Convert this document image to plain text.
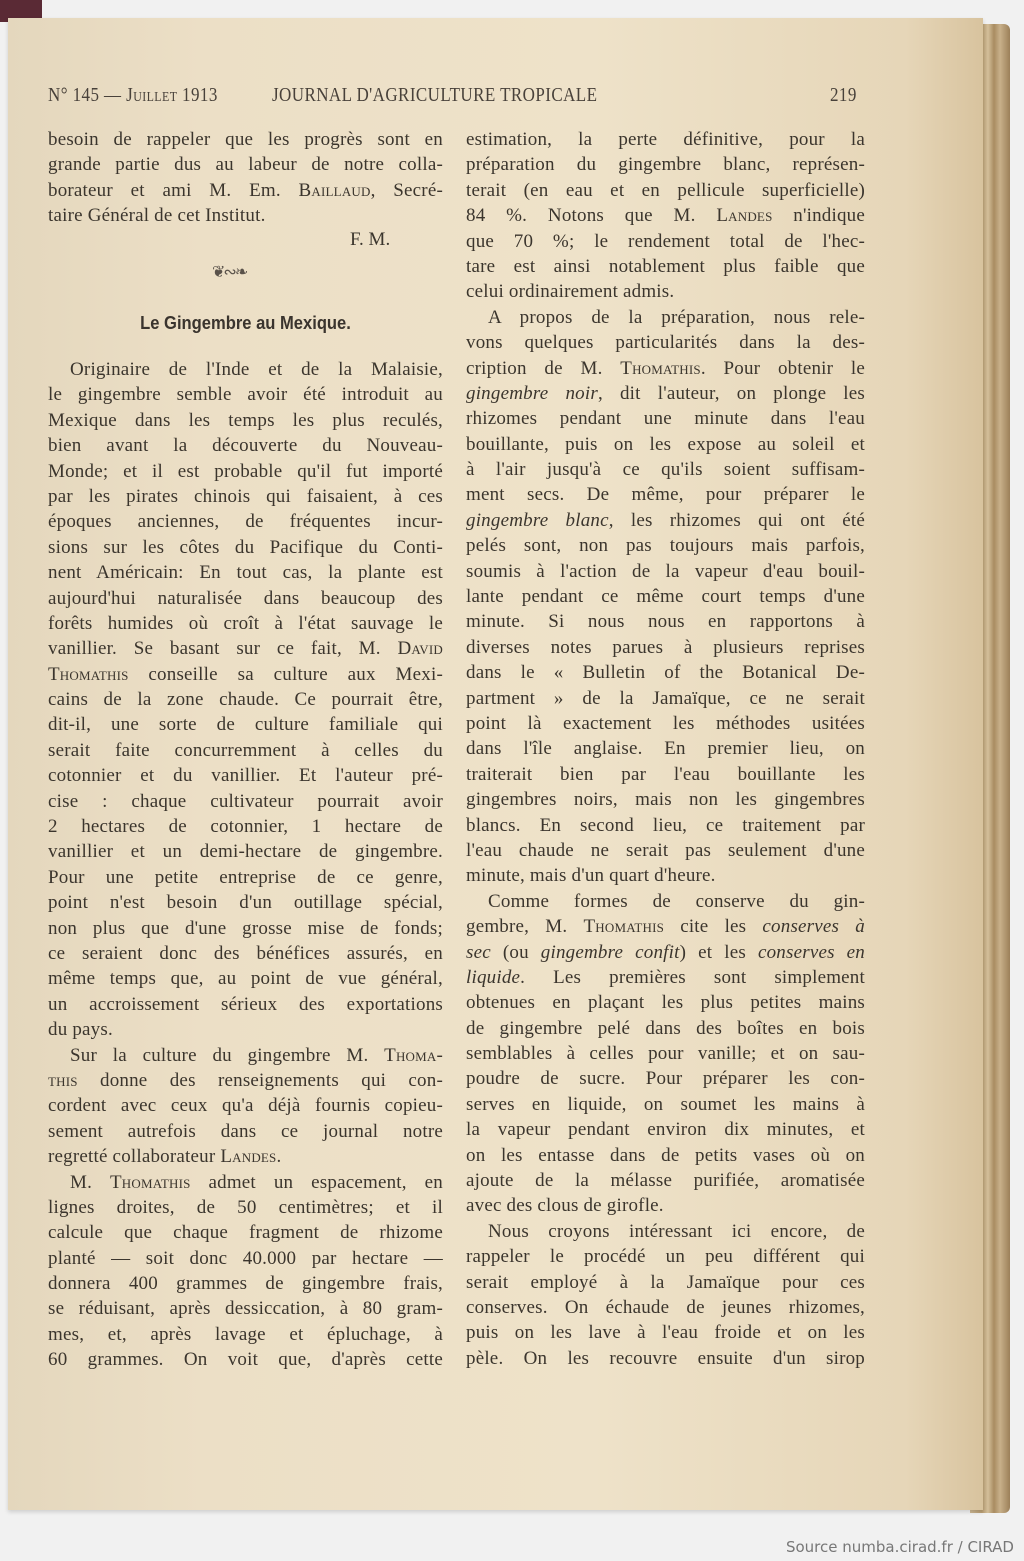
N° 145 — Juillet 1913	JOURNAL D'AGRICULTURE TROPICALE	219
besoin de rappeler que les progrès sont en
grande partie dus au labeur de notre colla-
borateur et ami M. Em. Baillaud, Secré-
taire Général de cet Institut.
F. M.
❦∾❧
Le Gingembre au Mexique.
Originaire de l'Inde et de la Malaisie,
le gingembre semble avoir été introduit au
Mexique dans les temps les plus reculés,
bien avant la découverte du Nouveau-
Monde; et il est probable qu'il fut importé
par les pirates chinois qui faisaient, à ces
époques anciennes, de fréquentes incur-
sions sur les côtes du Pacifique du Conti-
nent Américain: En tout cas, la plante est
aujourd'hui naturalisée dans beaucoup des
forêts humides où croît à l'état sauvage le
vanillier. Se basant sur ce fait, M. David
Thomathis conseille sa culture aux Mexi-
cains de la zone chaude. Ce pourrait être,
dit-il, une sorte de culture familiale qui
serait faite concurremment à celles du
cotonnier et du vanillier. Et l'auteur pré-
cise : chaque cultivateur pourrait avoir
2 hectares de cotonnier, 1 hectare de
vanillier et un demi-hectare de gingembre.
Pour une petite entreprise de ce genre,
point n'est besoin d'un outillage spécial,
non plus que d'une grosse mise de fonds;
ce seraient donc des bénéfices assurés, en
même temps que, au point de vue général,
un accroissement sérieux des exportations
du pays.
Sur la culture du gingembre M. Thoma-
this donne des renseignements qui con-
cordent avec ceux qu'a déjà fournis copieu-
sement autrefois dans ce journal notre
regretté collaborateur Landes.
M. Thomathis admet un espacement, en
lignes droites, de 50 centimètres; et il
calcule que chaque fragment de rhizome
planté — soit donc 40.000 par hectare —
donnera 400 grammes de gingembre frais,
se réduisant, après dessiccation, à 80 gram-
mes, et, après lavage et épluchage, à
60 grammes. On voit que, d'après cette
estimation, la perte définitive, pour la
préparation du gingembre blanc, représen-
terait (en eau et en pellicule superficielle)
84 %. Notons que M. Landes n'indique
que 70 %; le rendement total de l'hec-
tare est ainsi notablement plus faible que
celui ordinairement admis.
A propos de la préparation, nous rele-
vons quelques particularités dans la des-
cription de M. Thomathis. Pour obtenir le
gingembre noir, dit l'auteur, on plonge les
rhizomes pendant une minute dans l'eau
bouillante, puis on les expose au soleil et
à l'air jusqu'à ce qu'ils soient suffisam-
ment secs. De même, pour préparer le
gingembre blanc, les rhizomes qui ont été
pelés sont, non pas toujours mais parfois,
soumis à l'action de la vapeur d'eau bouil-
lante pendant ce même court temps d'une
minute. Si nous nous en rapportons à
diverses notes parues à plusieurs reprises
dans le « Bulletin of the Botanical De-
partment » de la Jamaïque, ce ne serait
point là exactement les méthodes usitées
dans l'île anglaise. En premier lieu, on
traiterait bien par l'eau bouillante les
gingembres noirs, mais non les gingembres
blancs. En second lieu, ce traitement par
l'eau chaude ne serait pas seulement d'une
minute, mais d'un quart d'heure.
Comme formes de conserve du gin-
gembre, M. Thomathis cite les conserves à
sec (ou gingembre confit) et les conserves en
liquide. Les premières sont simplement
obtenues en plaçant les plus petites mains
de gingembre pelé dans des boîtes en bois
semblables à celles pour vanille; et on sau-
poudre de sucre. Pour préparer les con-
serves en liquide, on soumet les mains à
la vapeur pendant environ dix minutes, et
on les entasse dans de petits vases où on
ajoute de la mélasse purifiée, aromatisée
avec des clous de girofle.
Nous croyons intéressant ici encore, de
rappeler le procédé un peu différent qui
serait employé à la Jamaïque pour ces
conserves. On échaude de jeunes rhizomes,
puis on les lave à l'eau froide et on les
pèle. On les recouvre ensuite d'un sirop
Source numba.cirad.fr / CIRAD
